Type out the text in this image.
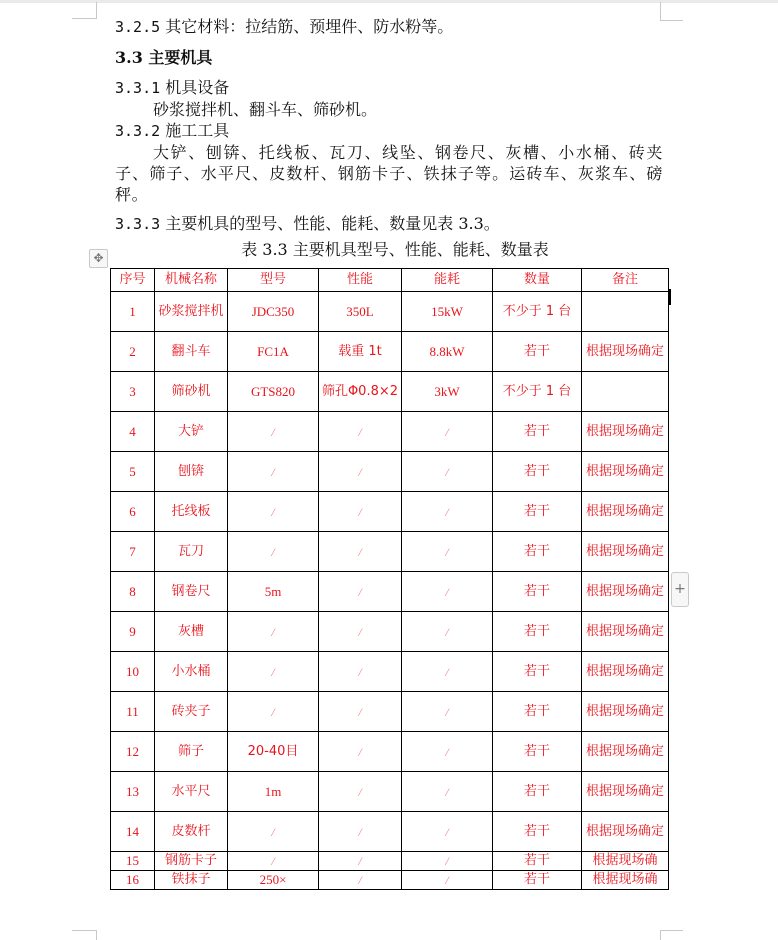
3.2.5 其它材料：拉结筋、预埋件、防水粉等。

3.3 主要机具

3.3.1 机具设备

砂浆搅拌机、翻斗车、筛砂机。

3.3.2 施工工具

大铲、刨锛、托线板、瓦刀、线坠、钢卷尺、灰槽、小水桶、砖夹子、筛子、水平尺、皮数杆、钢筋卡子、铁抹子等。运砖车、灰浆车、磅秤。

3.3.3 主要机具的型号、性能、能耗、数量见表 3.3。

表 3.3 主要机具型号、性能、能耗、数量表

✥
序号	机械名称	型号	性能	能耗	数量	备注
1	砂浆搅拌机	JDC350	350L	15kW	不少于 1 台	
2	翻斗车	FC1A	载重 1t	8.8kW	若干	根据现场确定
3	筛砂机	GTS820	筛孔Φ0.8×2	3kW	不少于 1 台	
4	大铲	/	/	/	若干	根据现场确定
5	刨锛	/	/	/	若干	根据现场确定
6	托线板	/	/	/	若干	根据现场确定
7	瓦刀	/	/	/	若干	根据现场确定
8	钢卷尺	5m	/	/	若干	根据现场确定
9	灰槽	/	/	/	若干	根据现场确定
10	小水桶	/	/	/	若干	根据现场确定
11	砖夹子	/	/	/	若干	根据现场确定
12	筛子	20-40目	/	/	若干	根据现场确定
13	水平尺	1m	/	/	若干	根据现场确定
14	皮数杆	/	/	/	若干	根据现场确定
15	钢筋卡子	/	/	/	若干	根据现场确
16	铁抹子	250×	/	/	若干	根据现场确
+
